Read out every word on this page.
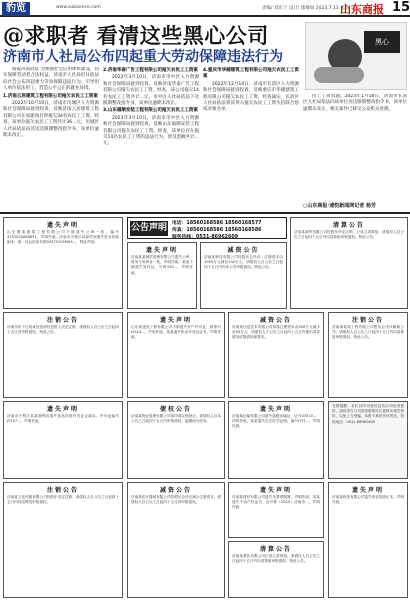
豹览	www.subaonce.com	责编/ 刘东宁 设计/ 邵敏如 2023.7.11 星期二
山东商报 15
@求职者 看清这些黑心公司
济南市人社局公布四起重大劳动保障违法行为
黑心

商报济南消息 为加强社会信用体系建设，切实保障劳动者合法权益，济南市人社局近日依法向社会公布四起重大劳动保障违法行为，引导用人单位依法用工，营造公平公正的就业环境。

1.济南云居建筑工程有限公司拖欠农民工工资案

2022年10月10日，济南市历城区人力资源和社会保障局接到投诉，反映济南云居建筑工程有限公司在承建项目时拖欠34名农民工工资。经查，该单位拖欠农民工工资共计36...元，历城区人社局依法向其送达限期整改指令书，该单位逾期未改正。

2.济南华泰广告工程有限公司拖欠农民工工资案

2022年3月10日，济南市市中区人力资源和社会保障局接到投诉，反映济南华泰广告工程有限公司拖欠农民工工资，经查，该公司拖欠14名农民工工资共计...元。市中区人社局依法下达限期整改指令书，该单位逾期未改正。

3.山东福顺安装工程有限公司拖欠农民工工资案

2023年3月10日，济南市市中区人力资源和社会保障局接到投诉，反映山东福顺安装工程有限公司拖欠农民工工资。经查，该单位存在拖欠14名农民工工资的违法行为，涉及金额共计...元。

4.重庆市华储建筑工程有限公司拖欠农民工工资案

2022年12月14日，济南市长清区人力资源和社会保障局接到投诉，反映重庆市华储建筑工程有限公司拖欠农民工工资，经查属实，长清区人社局依法将其列入拖欠农民工工资失信联合惩戒对象名单。

民工工资问题。2023年1月16日，济南市长清区人社局依法向该单位送达限期整改指令书，该单位逾期未改正。相关案件已移交公安机关处理。

○山东商报·速豹新闻网记者 杨芳
公告声明 电话：18560168586 18560168577
传真：18560168586 18560168586
服务热线：0531-86962609
遗失声明
山东鼎泰建筑工程有限公司不慎遗失公章一枚，编号3701020066831，声明作废。济南市天桥区某商贸部遗失营业执照副本，统一社会信用代码92370105MA3...，特此声明。
遗失声明
济南某某餐饮管理有限公司遗失公章、财务专用章各一枚，声明作废。某某不慎遗失身份证，号码370...，声明作废。
减资公告
济南某科技有限公司经股东会决议，注册资本由1000万元减至100万元，请债权人自公告之日起四十五日内向本公司申报债权。特此公告。
清算公告
济南某商贸有限公司经股东决定注销，已成立清算组，请债权人自公告之日起四十五日内向清算组申报债权。特此公告。
注销公告
济南市历下区某某经营部经投资人决定注销，请债权人自公告之日起四十五日内申报债权。特此公告。
遗失声明
山东某建设工程有限公司不慎遗失开户许可证，核准号J4510...，声明作废。某某遗失机动车登记证书，声明作废。
减资公告
济南某信息技术有限公司拟将注册资本由500万元减少至50万元，请债权人于公告之日起四十五日内提出清偿债务或提供担保要求。
注销公告
济南某装饰工程有限公司股东会决议解散公司，请债权人自公告之日起四十五日内向清算组申报债权，特此公告。
遗失声明
济南市天桥区某某便利店遗失食品经营许可证正副本，许可证编号JY137...，声明作废。
债权公告
济南某物业管理有限公司拟申请注销登记，请债权人自本公告之日起四十五日内申报债权，逾期视为放弃。
遗失声明
济南某运输有限公司遗失道路运输证，证号37010...，声明作废。某某遗失出生医学证明，编号O37...，声明作废。
友情提醒：本栏目所刊登信息均由刊登者提供，请读者在与刊登者联系时注意核实相关资料，以免上当受骗，本报不承担任何责任。咨询电话：0531-86962609
注销公告
济南某文化传媒有限公司经股东决定注销，请债权人自公告之日起四十五日内向清算组申报债权。
减资公告
济南某医疗器械有限公司经股东会决议减少注册资本，请债权人自公告之日起四十五日内申报债权。
遗失声明
济南某建材有限公司遗失发票领购簿，声明作废。某某遗失不动产权证书，证号鲁（2020）济南市...，声明作废。
清算公告
济南某餐饮有限公司已成立清算组，请债权人自公告之日起四十五日内向清算组申报债权，特此公告。
遗失声明
济南某科技有限公司遗失营业执照正本，声明作废。
